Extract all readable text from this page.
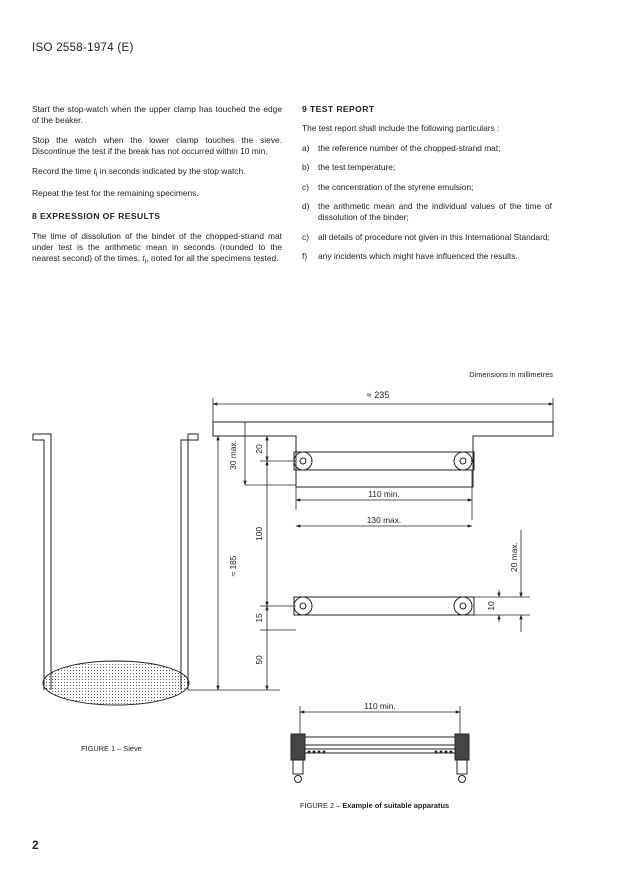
ISO 2558-1974 (E)

Start the stop-watch when the upper clamp has touched the edge of the beaker.

Stop the watch when the lower clamp touches the sieve. Discontinue the test if the break has not occurred within 10 min.

Record the time $t_i$ in seconds indicated by the stop watch.

Repeat the test for the remaining specimens.

8 EXPRESSION OF RESULTS

The time of dissolution of the binder of the chopped-strand mat under test is the arithmetic mean in seconds (rounded to the nearest second) of the times, $t_i$, noted for all the specimens tested.

9 TEST REPORT

The test report shall include the following particulars :

a)	the reference number of the chopped-strand mat;
b)	the test temperature;
c)	the concentration of the styrene emulsion;
d)	the arithmetic mean and the individual values of the time of dissolution of the binder;
c)	all details of procedure not given in this International Standard;
f)	any incidents which might have influenced the results.
Dimensions in millimetres
≈ 235
110 min.
130 max.
30 max. 20
100
≈ 185
15
50
20 max.
10
110 min.
FIGURE 1 – Sieve
FIGURE 2 – Example of suitable apparatus
2
